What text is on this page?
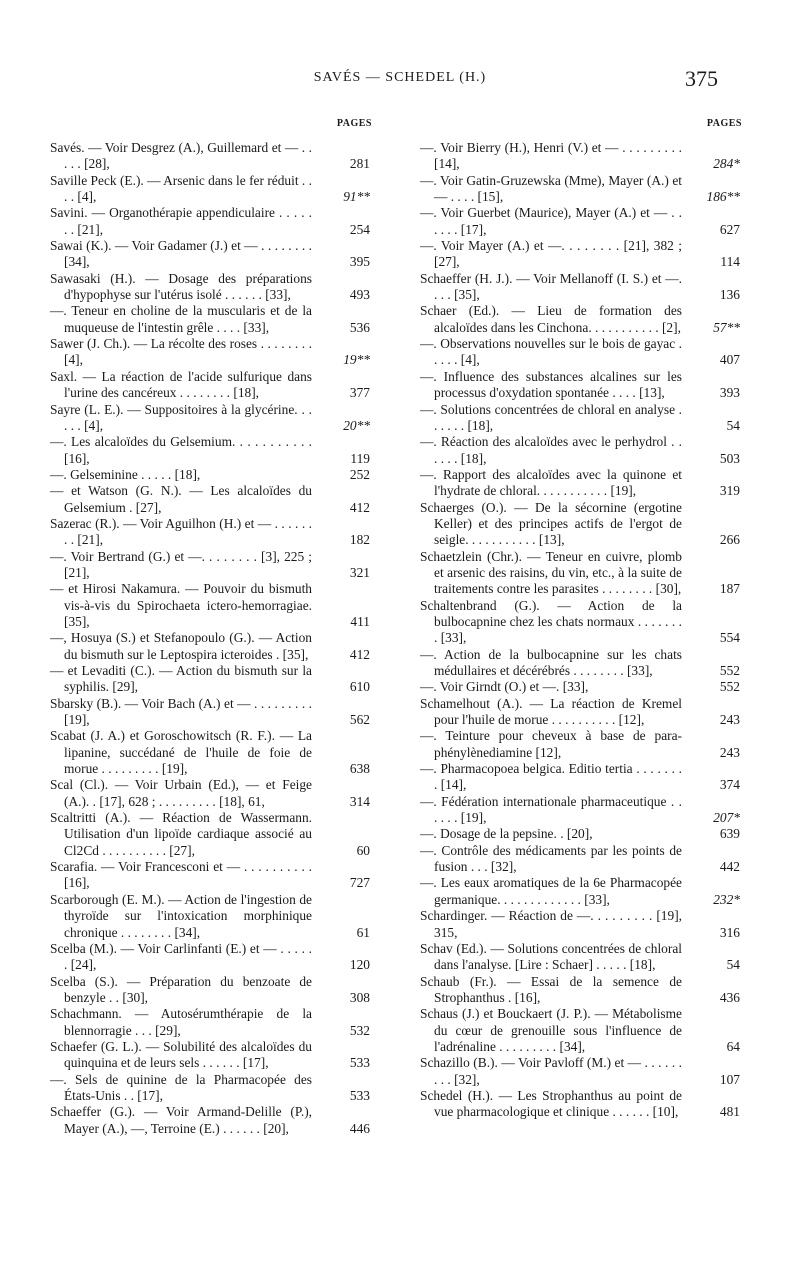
SAVÉS — SCHEDEL (H.)	375
PAGES
Savés. — Voir Desgrez (A.), Guillemard et — . . . . . [28],	281
Saville Peck (E.). — Arsenic dans le fer réduit . . . . [4],	91**
Savini. — Organothérapie appendiculaire . . . . . . . [21],	254
Sawai (K.). — Voir Gadamer (J.) et — . . . . . . . . [34],	395
Sawasaki (H.). — Dosage des préparations d'hypophyse sur l'utérus isolé . . . . . . [33],	493
—. Teneur en choline de la muscularis et de la muqueuse de l'intestin grêle . . . . [33],	536
Sawer (J. Ch.). — La récolte des roses . . . . . . . . [4],	19**
Saxl. — La réaction de l'acide sulfurique dans l'urine des cancéreux . . . . . . . . [18],	377
Sayre (L. E.). — Suppositoires à la glycérine. . . . . . [4],	20**
—. Les alcaloïdes du Gelsemium. . . . . . . . . . . [16],	119
—. Gelseminine . . . . . [18],	252
— et Watson (G. N.). — Les alcaloïdes du Gelsemium . [27],	412
Sazerac (R.). — Voir Aguilhon (H.) et — . . . . . . . . [21],	182
—. Voir Bertrand (G.) et —. . . . . . . . [3], 225 ; [21],	321
— et Hirosi Nakamura. — Pouvoir du bismuth vis-à-vis du Spirochaeta ictero-hemorragiae. [35],	411
—, Hosuya (S.) et Stefanopoulo (G.). — Action du bismuth sur le Leptospira icteroides . [35],	412
— et Levaditi (C.). — Action du bismuth sur la syphilis. [29],	610
Sbarsky (B.). — Voir Bach (A.) et — . . . . . . . . . [19],	562
Scabat (J. A.) et Goroschowitsch (R. F.). — La lipanine, succédané de l'huile de foie de morue . . . . . . . . . [19],	638
Scal (Cl.). — Voir Urbain (Ed.), — et Feige (A.). . [17], 628 ; . . . . . . . . . [18], 61,	314
Scaltritti (A.). — Réaction de Wassermann. Utilisation d'un lipoïde cardiaque associé au Cl2Cd . . . . . . . . . . [27],	60
Scarafia. — Voir Francesconi et — . . . . . . . . . . [16],	727
Scarborough (E. M.). — Action de l'ingestion de thyroïde sur l'intoxication morphinique chronique . . . . . . . . [34],	61
Scelba (M.). — Voir Carlinfanti (E.) et — . . . . . . [24],	120
Scelba (S.). — Préparation du benzoate de benzyle . . [30],	308
Schachmann. — Autosérumthérapie de la blennorragie . . . [29],	532
Schaefer (G. L.). — Solubilité des alcaloïdes du quinquina et de leurs sels . . . . . . [17],	533
—. Sels de quinine de la Pharmacopée des États-Unis . . [17],	533
Schaeffer (G.). — Voir Armand-Delille (P.), Mayer (A.), —, Terroine (E.) . . . . . . [20],	446
PAGES
—. Voir Bierry (H.), Henri (V.) et — . . . . . . . . . [14],	284*
—. Voir Gatin-Gruzewska (Mme), Mayer (A.) et — . . . . [15],	186**
—. Voir Guerbet (Maurice), Mayer (A.) et — . . . . . . [17],	627
—. Voir Mayer (A.) et —. . . . . . . . [21], 382 ; [27],	114
Schaeffer (H. J.). — Voir Mellanoff (I. S.) et —. . . . [35],	136
Schaer (Ed.). — Lieu de formation des alcaloïdes dans les Cinchona. . . . . . . . . . . [2],	57**
—. Observations nouvelles sur le bois de gayac . . . . . [4],	407
—. Influence des substances alcalines sur les processus d'oxydation spontanée . . . . [13],	393
—. Solutions concentrées de chloral en analyse . . . . . . [18],	54
—. Réaction des alcaloïdes avec le perhydrol . . . . . . [18],	503
—. Rapport des alcaloïdes avec la quinone et l'hydrate de chloral. . . . . . . . . . . [19],	319
Schaerges (O.). — De la sécornine (ergotine Keller) et des principes actifs de l'ergot de seigle. . . . . . . . . . . [13],	266
Schaetzlein (Chr.). — Teneur en cuivre, plomb et arsenic des raisins, du vin, etc., à la suite de traitements contre les parasites . . . . . . . . [30],	187
Schaltenbrand (G.). — Action de la bulbocapnine chez les chats normaux . . . . . . . . [33],	554
—. Action de la bulbocapnine sur les chats médullaires et décérébrés . . . . . . . . [33],	552
—. Voir Girndt (O.) et —. [33],	552
Schamelhout (A.). — La réaction de Kremel pour l'huile de morue . . . . . . . . . . [12],	243
—. Teinture pour cheveux à base de para-phénylènediamine [12],	243
—. Pharmacopoea belgica. Editio tertia . . . . . . . . [14],	374
—. Fédération internationale pharmaceutique . . . . . . [19],	207*
—. Dosage de la pepsine. . [20],	639
—. Contrôle des médicaments par les points de fusion . . . [32],	442
—. Les eaux aromatiques de la 6e Pharmacopée germanique. . . . . . . . . . . . . [33],	232*
Schardinger. — Réaction de —. . . . . . . . . [19], 315,	316
Schav (Ed.). — Solutions concentrées de chloral dans l'analyse. [Lire : Schaer] . . . . . [18],	54
Schaub (Fr.). — Essai de la semence de Strophanthus . [16],	436
Schaus (J.) et Bouckaert (J. P.). — Métabolisme du cœur de grenouille sous l'influence de l'adrénaline . . . . . . . . . [34],	64
Schazillo (B.). — Voir Pavloff (M.) et — . . . . . . . . . [32],	107
Schedel (H.). — Les Strophanthus au point de vue pharmacologique et clinique . . . . . . [10],	481
